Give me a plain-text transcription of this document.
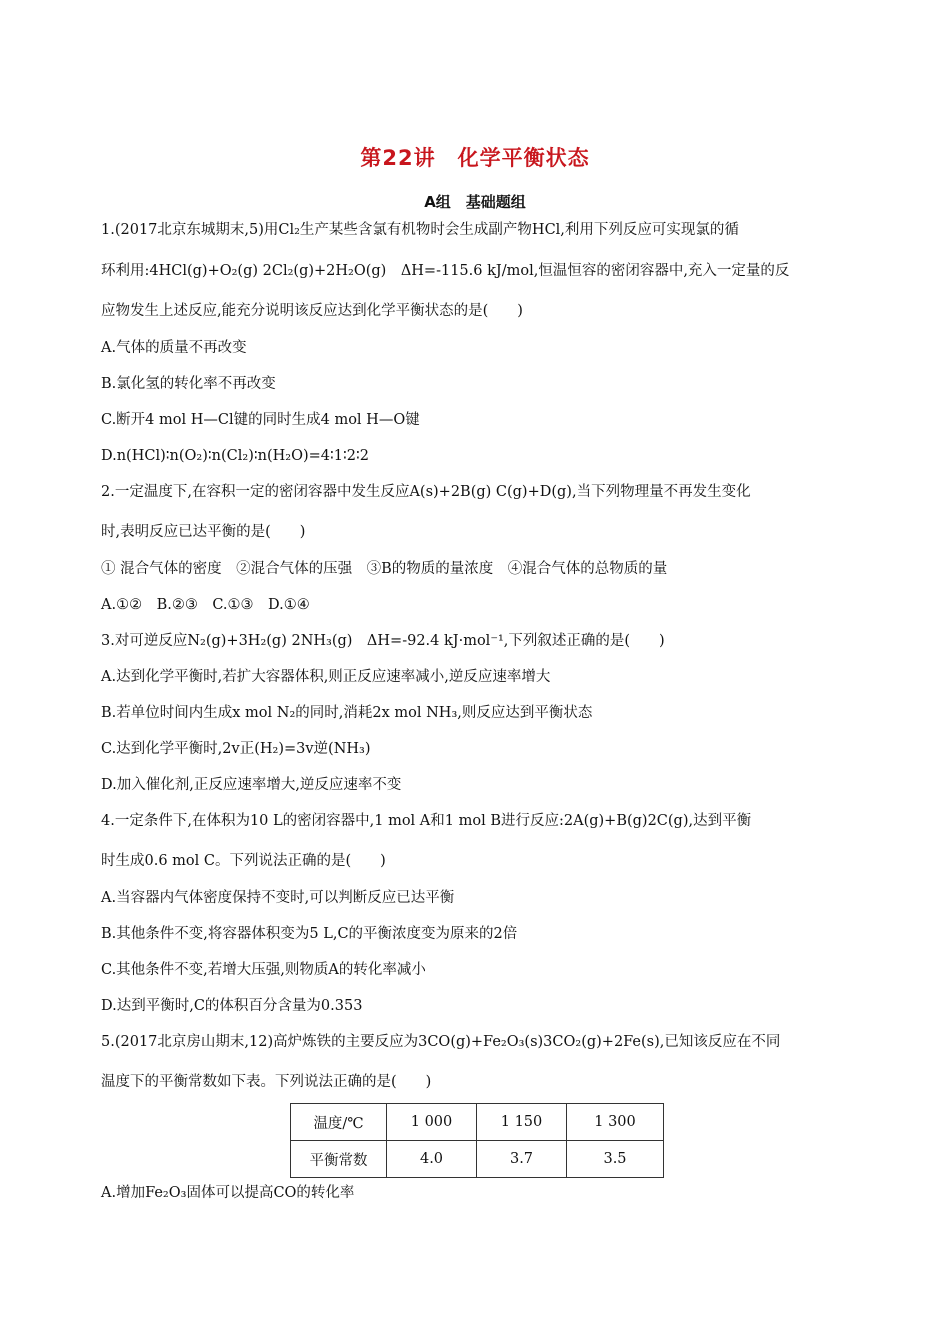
第22讲　化学平衡状态
A组　基础题组
1.(2017北京东城期末,5)用Cl₂生产某些含氯有机物时会生成副产物HCl,利用下列反应可实现氯的循
环利用:4HCl(g)+O₂(g) 2Cl₂(g)+2H₂O(g)　ΔH=-115.6 kJ/mol,恒温恒容的密闭容器中,充入一定量的反
应物发生上述反应,能充分说明该反应达到化学平衡状态的是(　　)
A.气体的质量不再改变
B.氯化氢的转化率不再改变
C.断开4 mol H—Cl键的同时生成4 mol H—O键
D.n(HCl)∶n(O₂)∶n(Cl₂)∶n(H₂O)=4∶1∶2∶2
2.一定温度下,在容积一定的密闭容器中发生反应A(s)+2B(g) C(g)+D(g),当下列物理量不再发生变化
时,表明反应已达平衡的是(　　)
① 混合气体的密度　②混合气体的压强　③B的物质的量浓度　④混合气体的总物质的量
A.①②　B.②③　C.①③　D.①④
3.对可逆反应N₂(g)+3H₂(g) 2NH₃(g)　ΔH=-92.4 kJ·mol⁻¹,下列叙述正确的是(　　)
A.达到化学平衡时,若扩大容器体积,则正反应速率减小,逆反应速率增大
B.若单位时间内生成x mol N₂的同时,消耗2x mol NH₃,则反应达到平衡状态
C.达到化学平衡时,2v正(H₂)=3v逆(NH₃)
D.加入催化剂,正反应速率增大,逆反应速率不变
4.一定条件下,在体积为10 L的密闭容器中,1 mol A和1 mol B进行反应:2A(g)+B(g)2C(g),达到平衡
时生成0.6 mol C。下列说法正确的是(　　)
A.当容器内气体密度保持不变时,可以判断反应已达平衡
B.其他条件不变,将容器体积变为5 L,C的平衡浓度变为原来的2倍
C.其他条件不变,若增大压强,则物质A的转化率减小
D.达到平衡时,C的体积百分含量为0.353
5.(2017北京房山期末,12)高炉炼铁的主要反应为3CO(g)+Fe₂O₃(s)3CO₂(g)+2Fe(s),已知该反应在不同
温度下的平衡常数如下表。下列说法正确的是(　　)
温度/℃	1 000	1 150	1 300
平衡常数	4.0	3.7	3.5
A.增加Fe₂O₃固体可以提高CO的转化率
